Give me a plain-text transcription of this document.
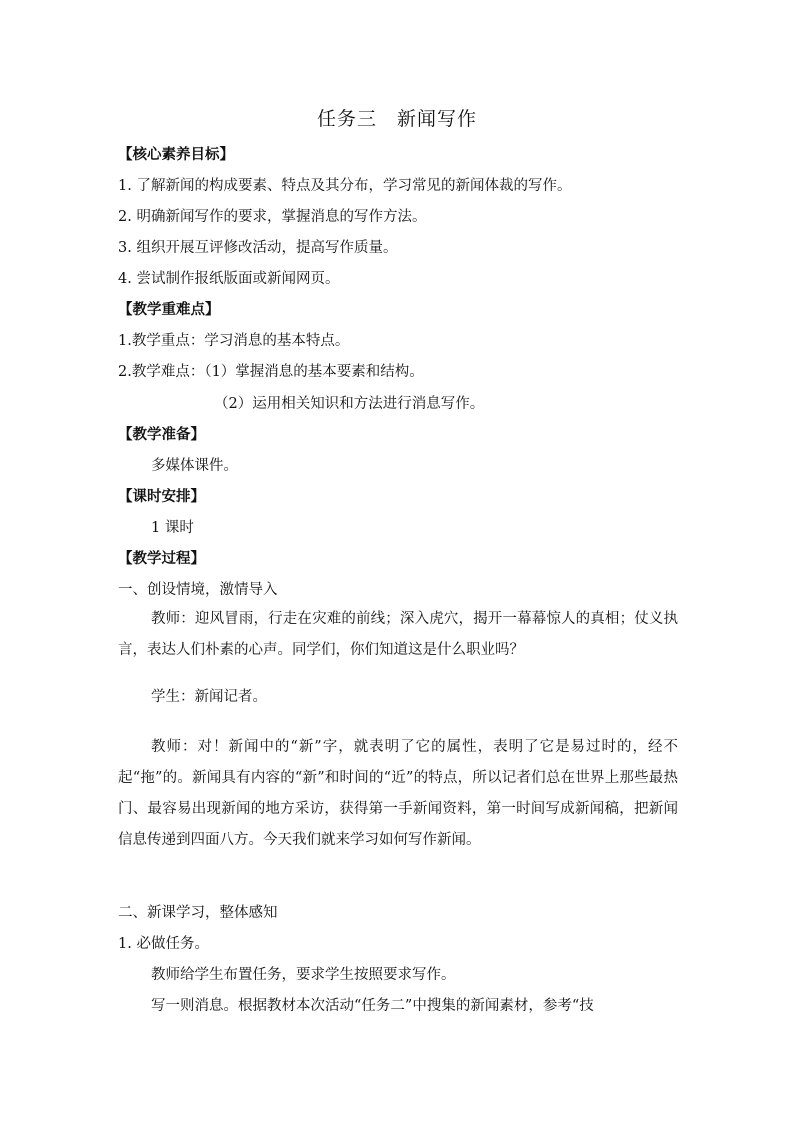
任务三　新闻写作
【核心素养目标】
1. 了解新闻的构成要素、特点及其分布，学习常见的新闻体裁的写作。
2. 明确新闻写作的要求，掌握消息的写作方法。
3. 组织开展互评修改活动，提高写作质量。
4. 尝试制作报纸版面或新闻网页。
【教学重难点】
1.教学重点：学习消息的基本特点。
2.教学难点：（1）掌握消息的基本要素和结构。
（2）运用相关知识和方法进行消息写作。
【教学准备】
多媒体课件。
【课时安排】
1 课时
【教学过程】
一、创设情境，激情导入
教师：迎风冒雨，行走在灾难的前线；深入虎穴，揭开一幕幕惊人的真相；仗义执言，表达人们朴素的心声。同学们，你们知道这是什么职业吗？
学生：新闻记者。
教师：对！新闻中的“新”字，就表明了它的属性，表明了它是易过时的，经不起“拖”的。新闻具有内容的“新”和时间的“近”的特点，所以记者们总在世界上那些最热门、最容易出现新闻的地方采访，获得第一手新闻资料，第一时间写成新闻稿，把新闻信息传递到四面八方。今天我们就来学习如何写作新闻。
二、新课学习，整体感知
1. 必做任务。
教师给学生布置任务，要求学生按照要求写作。
写一则消息。根据教材本次活动“任务二”中搜集的新闻素材，参考“技
